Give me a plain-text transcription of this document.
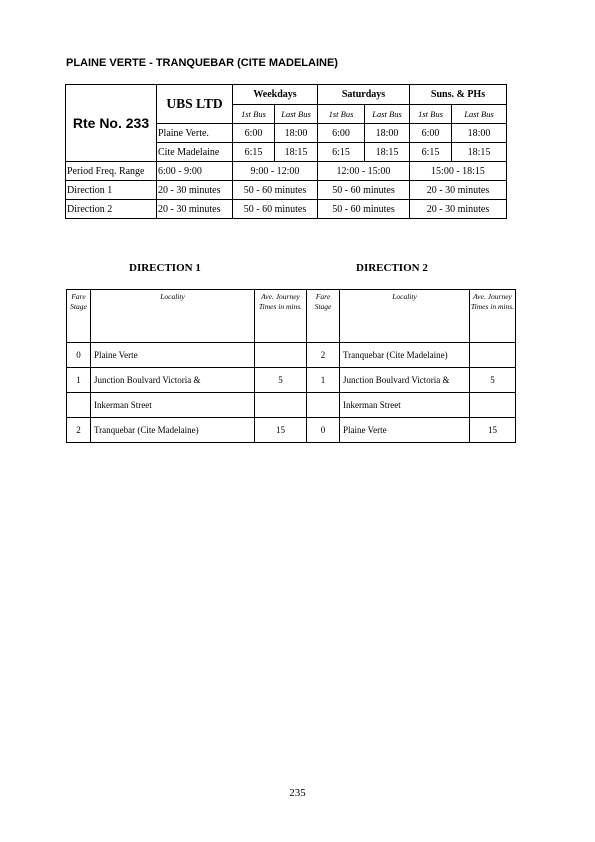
PLAINE VERTE - TRANQUEBAR (CITE MADELAINE)
Rte No. 233	UBS LTD	Weekdays		Saturdays		Suns. & PHs	
		1st Bus	Last Bus	1st Bus	Last Bus	1st Bus	Last Bus
	Plaine Verte.	6:00	18:00	6:00	18:00	6:00	18:00
	Cite Madelaine	6:15	18:15	6:15	18:15	6:15	18:15
Period Freq. Range	6:00 - 9:00	9:00 - 12:00		12:00 - 15:00		15:00 - 18:15	
Direction 1	20 - 30 minutes	50 - 60 minutes		50 - 60 minutes		20 - 30 minutes	
Direction 2	20 - 30 minutes	50 - 60 minutes		50 - 60 minutes		20 - 30 minutes	
DIRECTION 1	DIRECTION 2
Fare Stage	Locality	Ave. Journey Times in mins.	Fare Stage	Locality	Ave. Journey Times in mins.
0	Plaine Verte		2	Tranquebar (Cite Madelaine)	
1	Junction Boulvard Victoria &	5	1	Junction Boulvard Victoria &	5
	Inkerman Street			Inkerman Street	
2	Tranquebar (Cite Madelaine)	15	0	Plaine Verte	15
235
